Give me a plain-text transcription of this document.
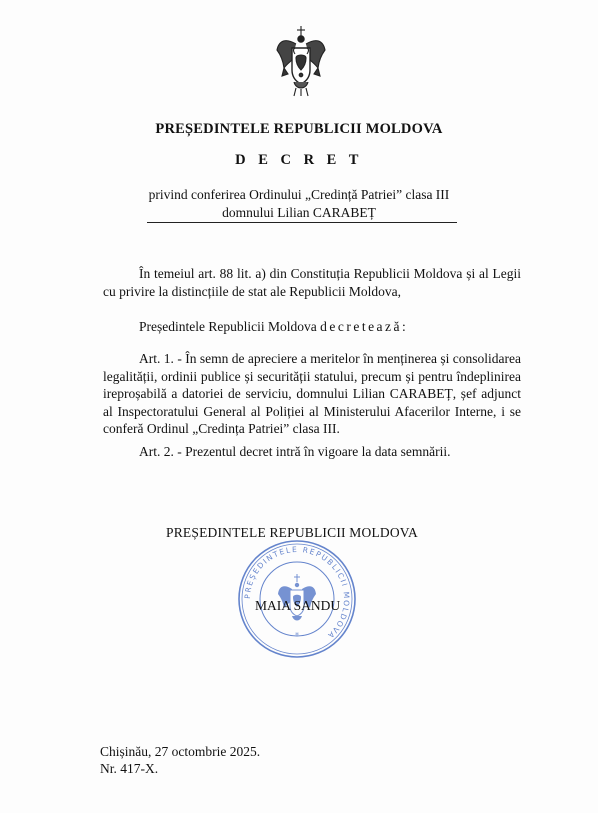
PREȘEDINTELE REPUBLICII MOLDOVA
D E C R E T
privind conferirea Ordinului „Credință Patriei” clasa III
domnului Lilian CARABEȚ
În temeiul art. 88 lit. a) din Constituția Republicii Moldova și al Legii cu privire la distincțiile de stat ale Republicii Moldova,
Președintele Republicii Moldova decretează:
Art. 1. - În semn de apreciere a meritelor în menținerea și consolidarea legalității, ordinii publice și securității statului, precum și pentru îndeplinirea ireproșabilă a datoriei de serviciu, domnului Lilian CARABEȚ, șef adjunct al Inspectoratului General al Poliției al Ministerului Afacerilor Interne, i se conferă Ordinul „Credința Patriei” clasa III.
Art. 2. - Prezentul decret intră în vigoare la data semnării.
PREȘEDINTELE REPUBLICII MOLDOVA
PREȘEDINTELE REPUBLICII MOLDOVA
*
MAIA SANDU
Chișinău, 27 octombrie 2025.
Nr. 417-X.
